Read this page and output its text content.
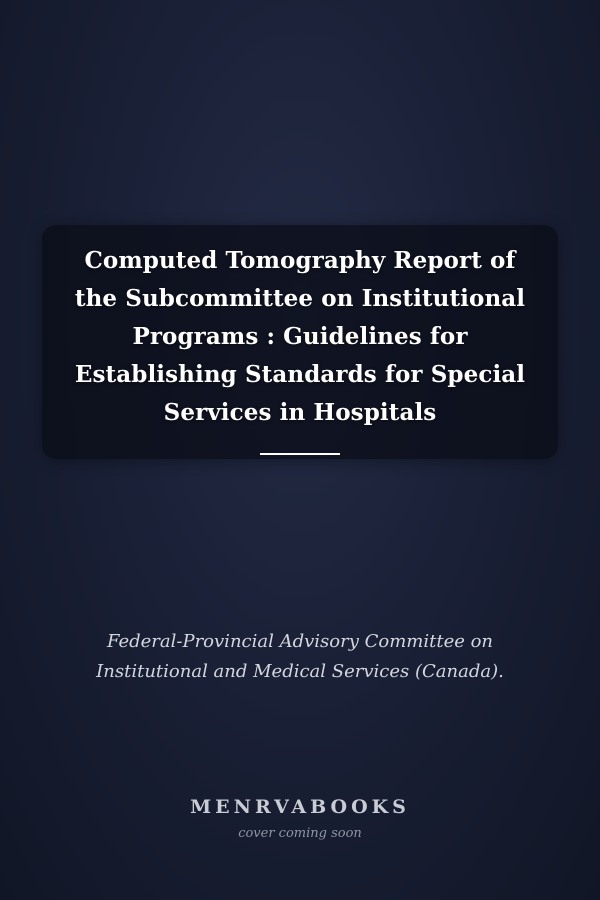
Computed Tomography Report of the Subcommittee on Institutional Programs : Guidelines for Establishing Standards for Special Services in Hospitals
Federal-Provincial Advisory Committee on Institutional and Medical Services (Canada).
MENRVABOOKS
cover coming soon
